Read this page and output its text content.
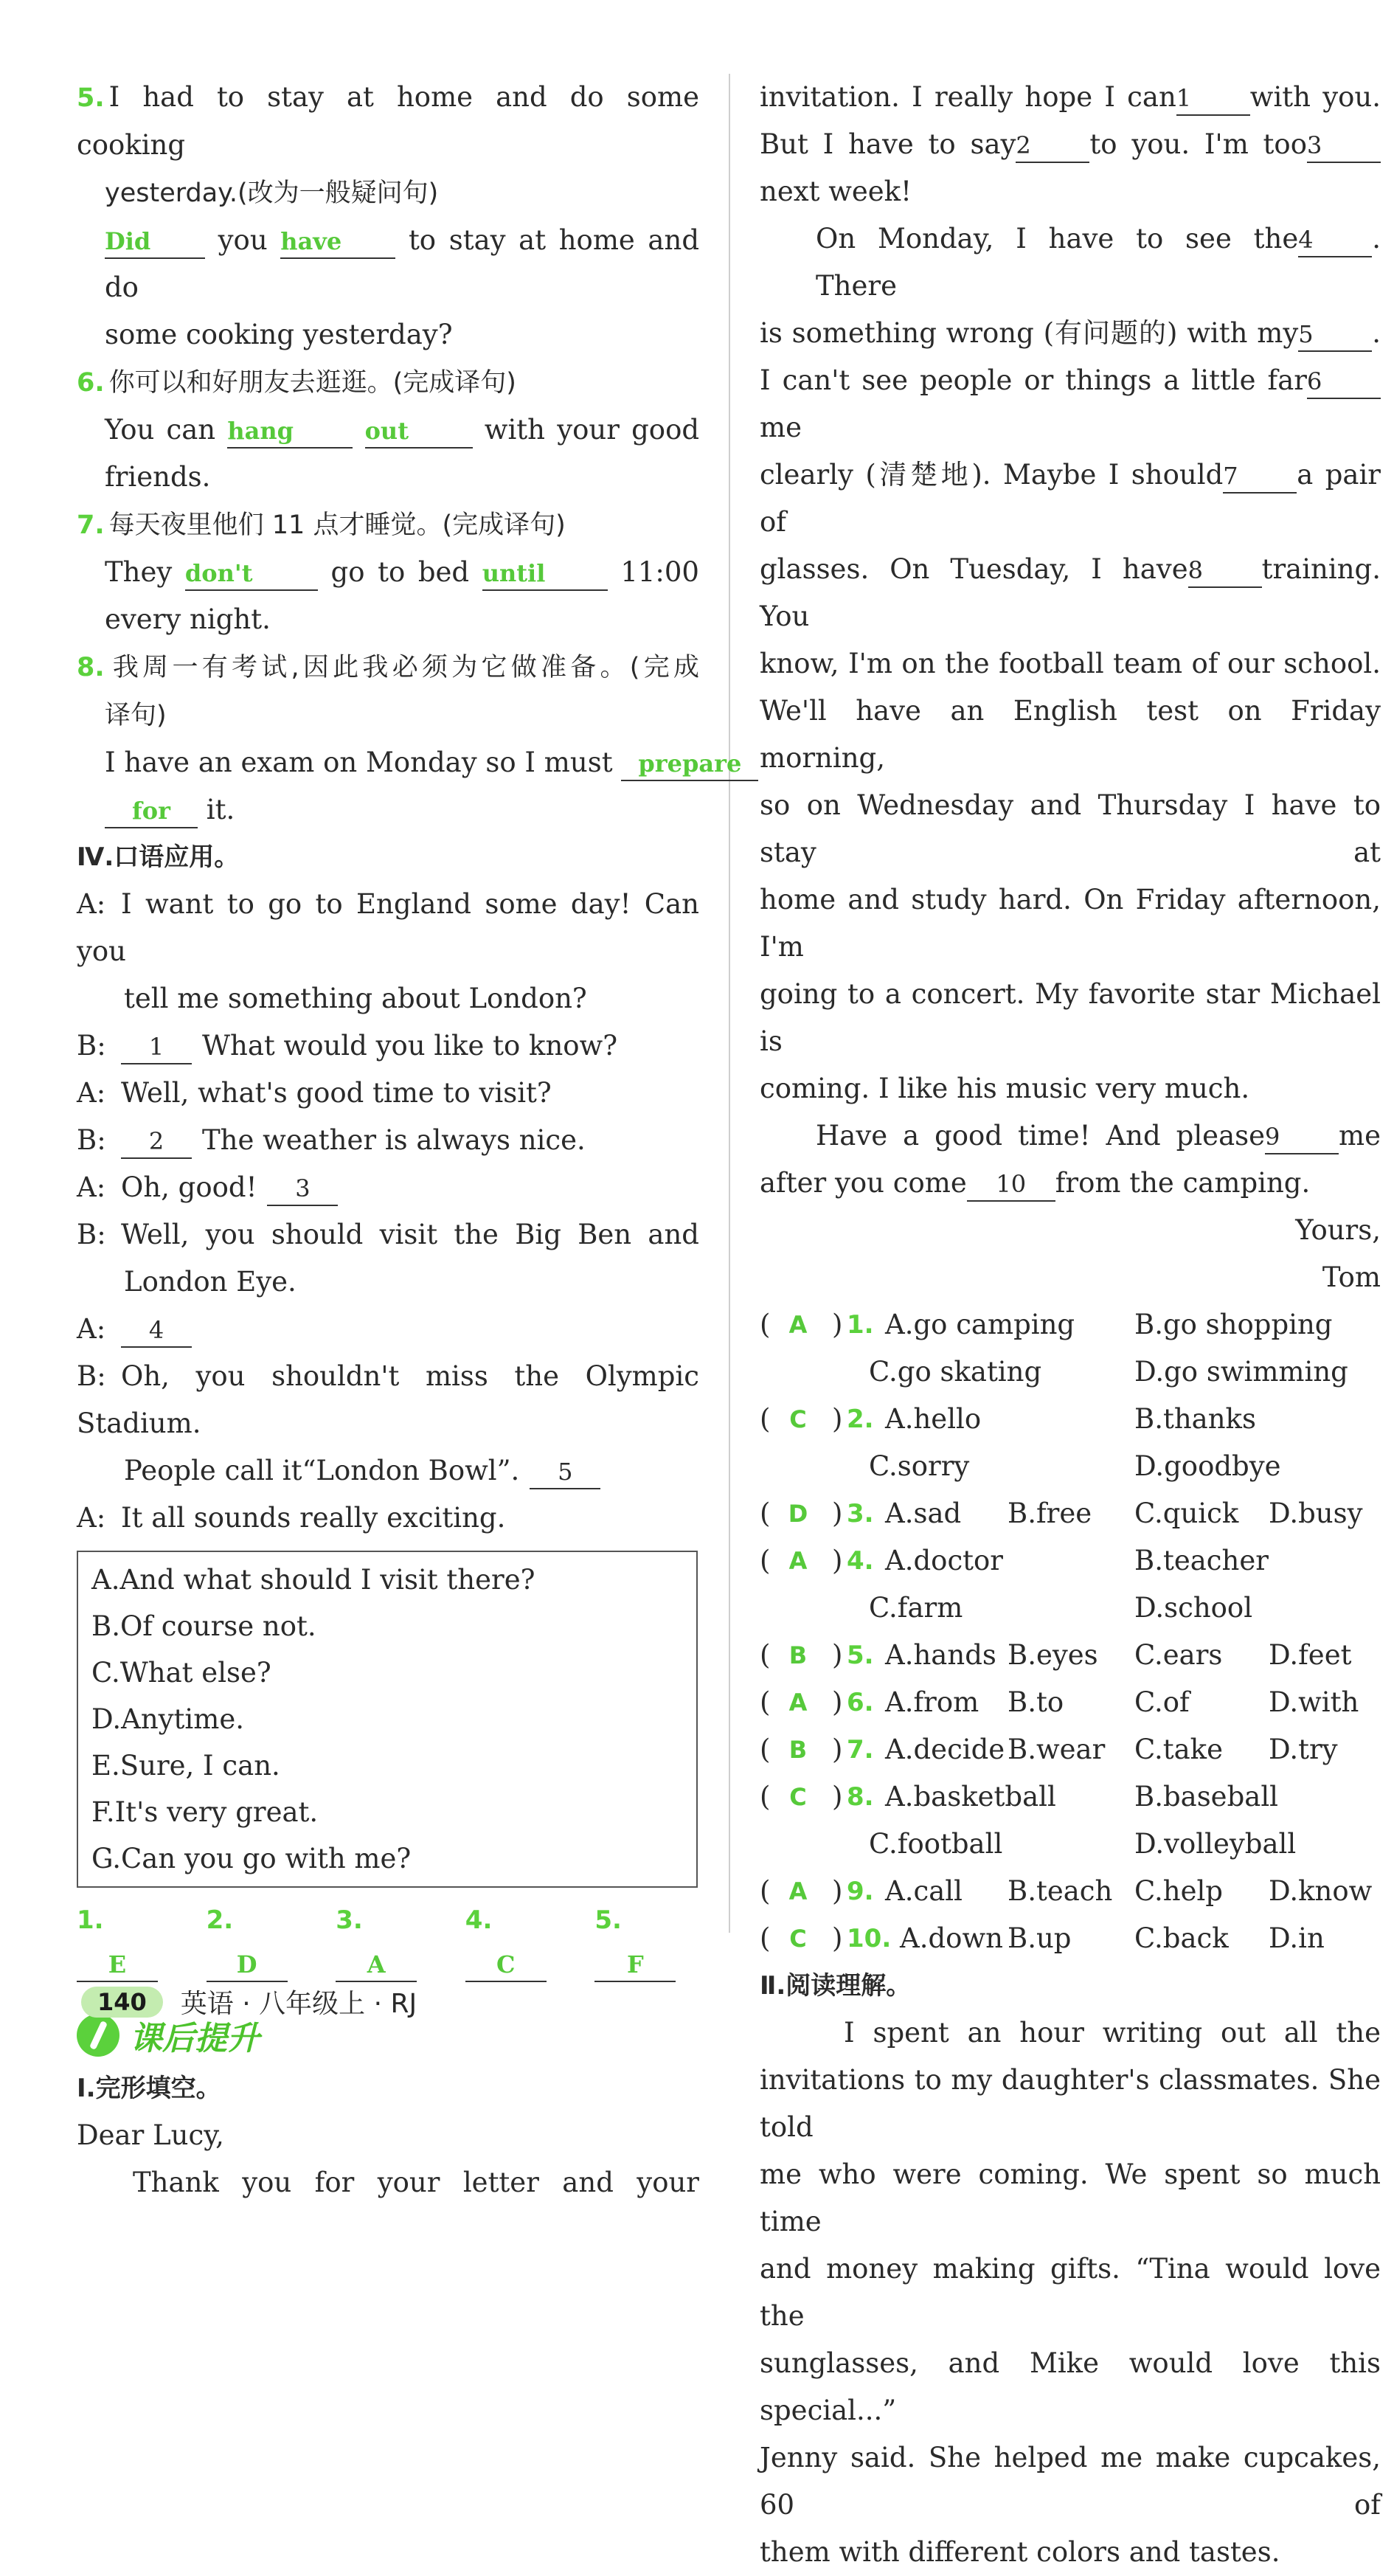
5. I had to stay at home and do some cooking
yesterday.(改为一般疑问句)
Did you have to stay at home and do
some cooking yesterday?
6. 你可以和好朋友去逛逛。(完成译句)
You can hang	out	with your good
friends.
7. 每天夜里他们 11 点才睡觉。(完成译句)
They don't	go to bed until	11:00
every night.
8. 我周一有考试,因此我必须为它做准备。(完成
译句)
I have an exam on Monday so I must prepare
for it.
Ⅳ.口语应用。
A: I want to go to England some day! Can you
tell me something about London?
B: 1 What would you like to know?
A: Well, what's good time to visit?
B: 2 The weather is always nice.
A: Oh, good! 3
B: Well, you should visit the Big Ben and
London Eye.
A: 4
B: Oh, you shouldn't miss the Olympic Stadium.
People call it“London Bowl”. 5
A: It all sounds really exciting.
A.And what should I visit there?
B.Of course not.
C.What else?
D.Anytime.
E.Sure, I can.
F.It's very great.
G.Can you go with me?
1.E
2.D
3.A
4.C
5.F
课后提升
Ⅰ.完形填空。
Dear Lucy,
Thank you for your letter and your
invitation. I really hope I can1 with you.
But I have to say2 to you. I'm too3
next week!
On Monday, I have to see the4 . There
is something wrong (有问题的) with my5 .
I can't see people or things a little far6me
clearly (清楚地). Maybe I should7 a pair of
glasses. On Tuesday, I have8 training. You
know, I'm on the football team of our school.
We'll have an English test on Friday morning,
so on Wednesday and Thursday I have to stay at
home and study hard. On Friday afternoon, I'm
going to a concert. My favorite star Michael is
coming. I like his music very much.
Have a good time! And please9 me
after you come 10 from the camping.
Yours,
Tom
( A ) 1. A.go camping B.go shopping
C.go skating	D.go swimming
( C ) 2. A.hello	B.thanks
C.sorry	D.goodbye
( D ) 3. A.sad B.free C.quick D.busy
( A ) 4. A.doctor	B.teacher
C.farm	D.school
( B ) 5. A.hands B.eyes C.ears D.feet
( A ) 6. A.from B.to	C.of	D.with
( B ) 7. A.decide B.wear C.take D.try
( C ) 8. A.basketball	B.baseball
C.football	D.volleyball
( A ) 9. A.call B.teach C.help D.know
( C ) 10. A.down B.up C.back D.in
Ⅱ.阅读理解。
I spent an hour writing out all the
invitations to my daughter's classmates. She told
me who were coming. We spent so much time
and money making gifts. “Tina would love the
sunglasses, and Mike would love this special...”
Jenny said. She helped me make cupcakes, 60 of
them with different colors and tastes.
140	英语 · 八年级上 · RJ
